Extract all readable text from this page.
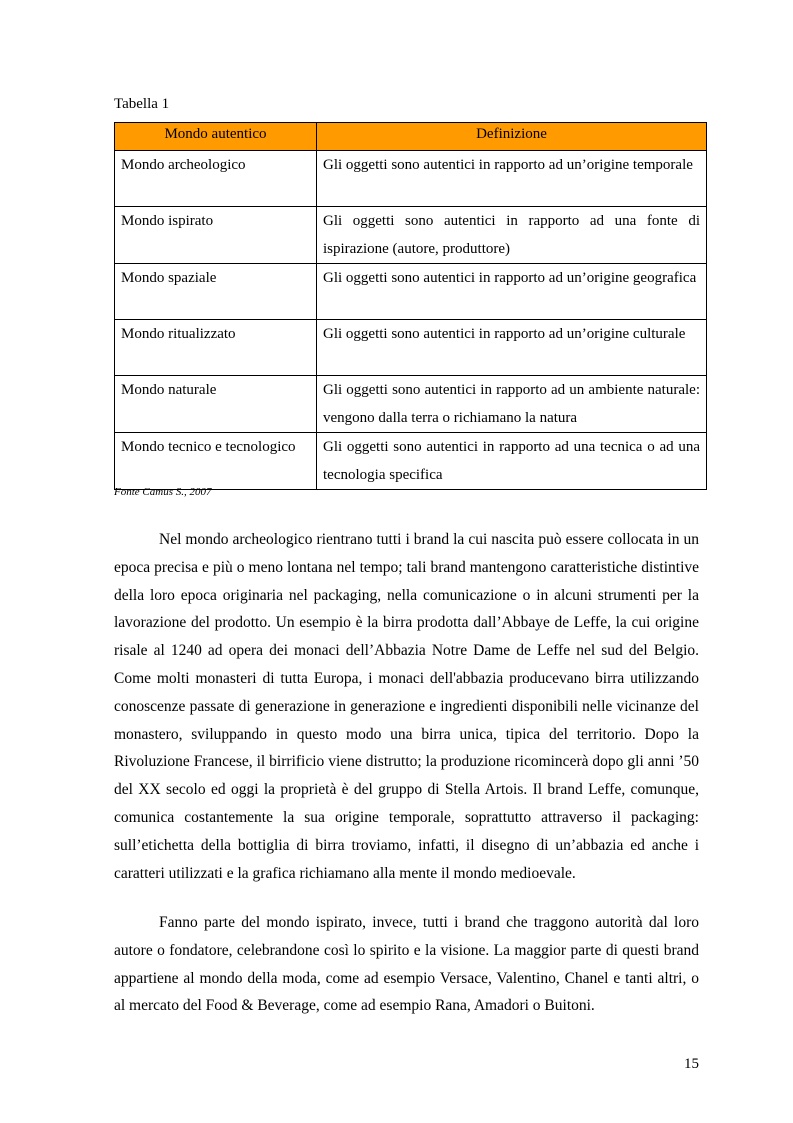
Tabella 1
Mondo autentico	Definizione
Mondo archeologico	Gli oggetti sono autentici in rapporto ad un’origine temporale
Mondo ispirato	Gli oggetti sono autentici in rapporto ad una fonte di ispirazione (autore, produttore)
Mondo spaziale	Gli oggetti sono autentici in rapporto ad un’origine geografica
Mondo ritualizzato	Gli oggetti sono autentici in rapporto ad un’origine culturale
Mondo naturale	Gli oggetti sono autentici in rapporto ad un ambiente naturale: vengono dalla terra o richiamano la natura
Mondo tecnico e tecnologico	Gli oggetti sono autentici in rapporto ad una tecnica o ad una tecnologia specifica
Fonte Camus S., 2007

Nel mondo archeologico rientrano tutti i brand la cui nascita può essere collocata in un epoca precisa e più o meno lontana nel tempo; tali brand mantengono caratteristiche distintive della loro epoca originaria nel packaging, nella comunicazione o in alcuni strumenti per la lavorazione del prodotto. Un esempio è la birra prodotta dall’Abbaye de Leffe, la cui origine risale al 1240 ad opera dei monaci dell’Abbazia Notre Dame de Leffe nel sud del Belgio. Come molti monasteri di tutta Europa, i monaci dell'abbazia producevano birra utilizzando conoscenze passate di generazione in generazione e ingredienti disponibili nelle vicinanze del monastero, sviluppando in questo modo una birra unica, tipica del territorio. Dopo la Rivoluzione Francese, il birrificio viene distrutto; la produzione ricomincerà dopo gli anni ’50 del XX secolo ed oggi la proprietà è del gruppo di Stella Artois. Il brand Leffe, comunque, comunica costantemente la sua origine temporale, soprattutto attraverso il packaging: sull’etichetta della bottiglia di birra troviamo, infatti, il disegno di un’abbazia ed anche i caratteri utilizzati e la grafica richiamano alla mente il mondo medioevale.

Fanno parte del mondo ispirato, invece, tutti i brand che traggono autorità dal loro autore o fondatore, celebrandone così lo spirito e la visione. La maggior parte di questi brand appartiene al mondo della moda, come ad esempio Versace, Valentino, Chanel e tanti altri, o al mercato del Food & Beverage, come ad esempio Rana, Amadori o Buitoni.

15
